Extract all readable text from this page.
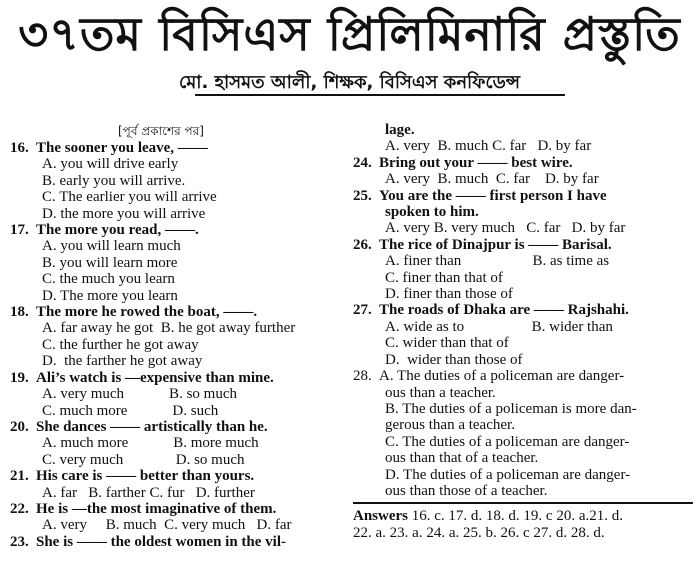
৩৭তম বিসিএস প্রিলিমিনারি প্রস্তুতি
মো. হাসমত আলী, শিক্ষক, বিসিএস কনফিডেন্স
[পূর্ব প্রকাশের পর]
16. The sooner you leave, ——
A. you will drive early
B. early you will arrive.
C. The earlier you will arrive
D. the more you will arrive
17. The more you read, ——.
A. you will learn much
B. you will learn more
C. the much you learn
D. The more you learn
18. The more he rowed the boat, ——.
A. far away he got  B. he got away further
C. the further he got away
D.  the farther he got away
19. Ali’s watch is —expensive than mine.
A. very much            B. so much
C. much more            D. such
20. She dances —— artistically than he.
A. much more            B. more much
C. very much              D. so much
21. His care is —— better than yours.
A. far   B. farther C. fur   D. further
22. He is —the most imaginative of them.
A. very     B. much  C. very much   D. far
23. She is —— the oldest women in the vil-
lage.
A. very  B. much C. far   D. by far
24. Bring out your —— best wire.
A. very  B. much  C. far    D. by far
25. You are the —— first person I have
spoken to him.
A. very B. very much   C. far   D. by far
26. The rice of Dinajpur is —— Barisal.
A. finer than                   B. as time as
C. finer than that of
D. finer than those of
27. The roads of Dhaka are —— Rajshahi.
A. wide as to                  B. wider than
C. wider than that of
D.  wider than those of
28. A. The duties of a policeman are danger-
ous than a teacher.
B. The duties of a policeman is more dan-
gerous than a teacher.
C. The duties of a policeman are danger-
ous than that of a teacher.
D. The duties of a policeman are danger-
ous than those of a teacher.
Answers 16. c. 17. d. 18. d. 19. c 20. a.21. d.
22. a. 23. a. 24. a. 25. b. 26. c 27. d. 28. d.
